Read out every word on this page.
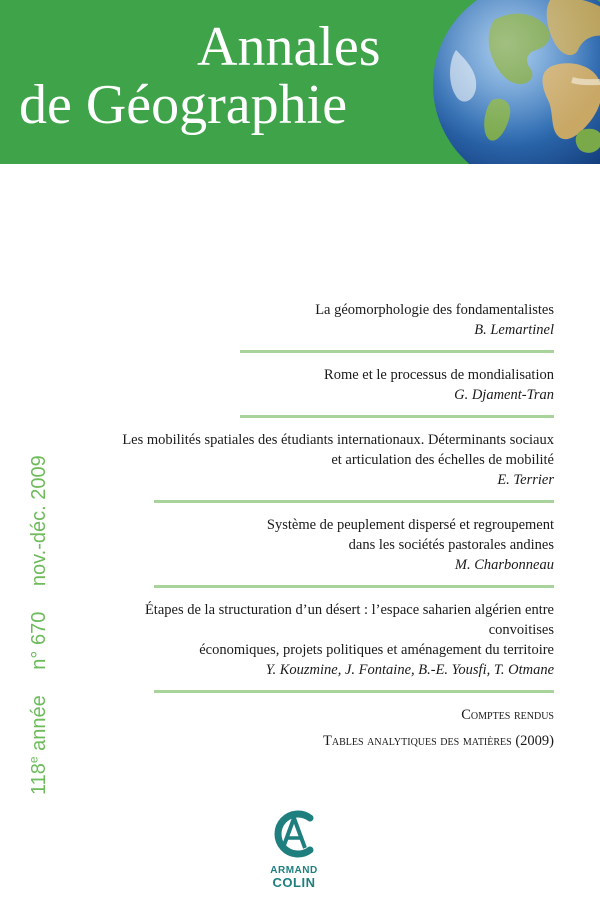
Annales
de Géographie
118e année n° 670 nov.-déc. 2009
La géomorphologie des fondamentalistes
B. Lemartinel
Rome et le processus de mondialisation
G. Djament-Tran
Les mobilités spatiales des étudiants internationaux. Déterminants sociaux
et articulation des échelles de mobilité
E. Terrier
Système de peuplement dispersé et regroupement
dans les sociétés pastorales andines
M. Charbonneau
Étapes de la structuration d’un désert : l’espace saharien algérien entre convoitises
économiques, projets politiques et aménagement du territoire
Y. Kouzmine, J. Fontaine, B.-E. Yousfi, T. Otmane
Comptes rendus
Tables analytiques des matières (2009)
ARMAND
COLIN
